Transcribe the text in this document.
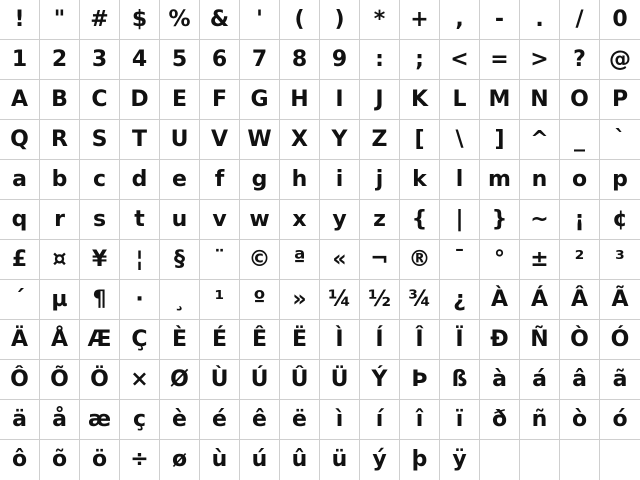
!	"	#	$ % &	'	(	)	*	+	,	-	.	/	0
1	2	3	4	5	6	7	8	9	:	;	< = >	?	@
A	B	C	D	E	F	G H	I	J	K	L	M N O	P
Q	R	S	T	U	V W X	Y	Z	[	\	]	^	_	`
a	b	c	d	e	f	g	h	i	j	k	l	m n	o	p
q	r	s	t	u	v	w	x	y	z	{	|	}	~	¡	¢
£	¤	¥	¦	§	¨	©	ª	«	¬ ®	¯	°	±	²	³
´	µ	¶	·	¸	¹	º	» ¼ ½ ¾	¿	À	Á	Â	Ã
Ä	Å Æ Ç	È	É	Ê	Ë	Ì	Í	Î	Ï	Ð Ñ Ò Ó
Ô Õ Ö × Ø Ù	Ú	Û	Ü	Ý	Þ	ß	à	á	â	ã
ä	å æ ç	è	é	ê	ë	ì	í	î	ï	ð	ñ	ò	ó
ô	õ	ö	÷	ø	ù	ú	û	ü	ý	þ	ÿ
